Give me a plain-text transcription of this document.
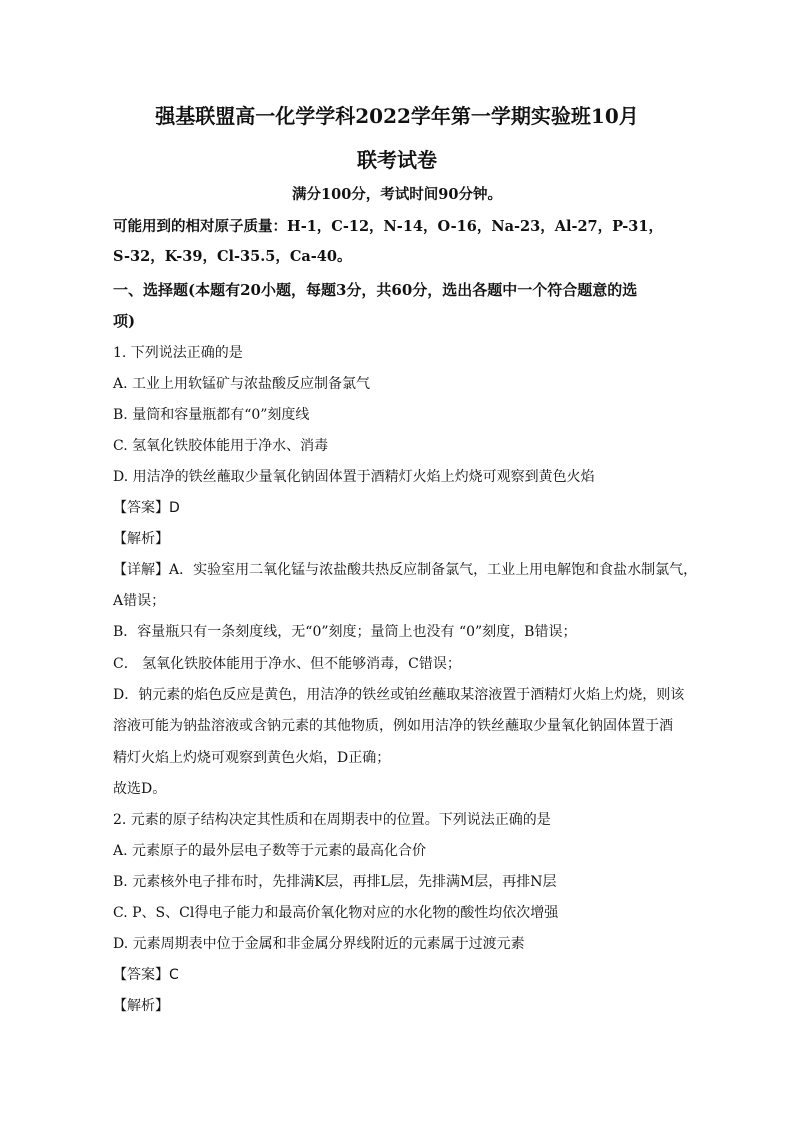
强基联盟高一化学学科2022学年第一学期实验班10月
联考试卷
满分100分，考试时间90分钟。
可能用到的相对原子质量：H-1，C-12，N-14，O-16，Na-23，Al-27，P-31，
S-32，K-39，Cl-35.5，Ca-40。
一、选择题(本题有20小题，每题3分，共60分，选出各题中一个符合题意的选
项)
1. 下列说法正确的是
A. 工业上用软锰矿与浓盐酸反应制备氯气
B. 量筒和容量瓶都有“0”刻度线
C. 氢氧化铁胶体能用于净水、消毒
D. 用洁净的铁丝蘸取少量氧化钠固体置于酒精灯火焰上灼烧可观察到黄色火焰
【答案】D
【解析】
【详解】A．实验室用二氧化锰与浓盐酸共热反应制备氯气，工业上用电解饱和食盐水制氯气，
A错误；
B．容量瓶只有一条刻度线，无“0”刻度；量筒上也没有 “0”刻度，B错误；
C． 氢氧化铁胶体能用于净水、但不能够消毒，C错误；
D．钠元素的焰色反应是黄色，用洁净的铁丝或铂丝蘸取某溶液置于酒精灯火焰上灼烧，则该
溶液可能为钠盐溶液或含钠元素的其他物质，例如用洁净的铁丝蘸取少量氧化钠固体置于酒
精灯火焰上灼烧可观察到黄色火焰，D正确；
故选D。
2. 元素的原子结构决定其性质和在周期表中的位置。下列说法正确的是
A. 元素原子的最外层电子数等于元素的最高化合价
B. 元素核外电子排布时，先排满K层，再排L层，先排满M层，再排N层
C. P、S、Cl得电子能力和最高价氧化物对应的水化物的酸性均依次增强
D. 元素周期表中位于金属和非金属分界线附近的元素属于过渡元素
【答案】C
【解析】
